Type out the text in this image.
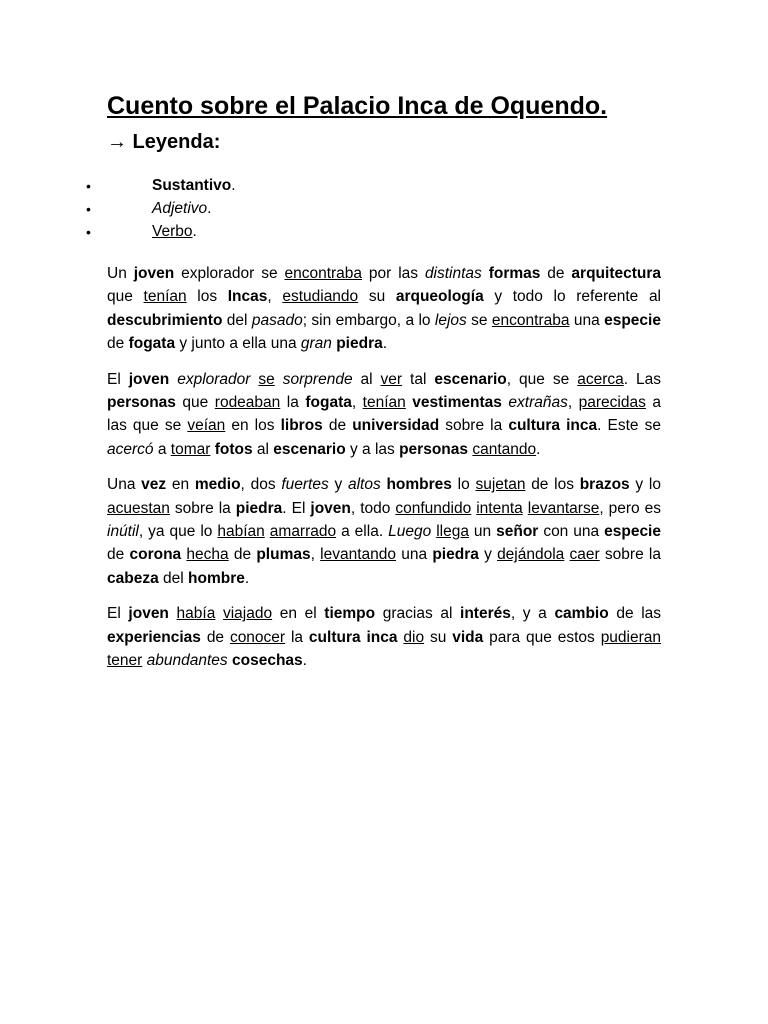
Cuento sobre el Palacio Inca de Oquendo.
→ Leyenda:
•	Sustantivo.
•	Adjetivo.
•	Verbo.

Un joven explorador se encontraba por las distintas formas de arquitectura que tenían los Incas, estudiando su arqueología y todo lo referente al descubrimiento del pasado; sin embargo, a lo lejos se encontraba una especie de fogata y junto a ella una gran piedra.

El joven explorador se sorprende al ver tal escenario, que se acerca. Las personas que rodeaban la fogata, tenían vestimentas extrañas, parecidas a las que se veían en los libros de universidad sobre la cultura inca. Este se acercó a tomar fotos al escenario y a las personas cantando.

Una vez en medio, dos fuertes y altos hombres lo sujetan de los brazos y lo acuestan sobre la piedra. El joven, todo confundido intenta levantarse, pero es inútil, ya que lo habían amarrado a ella. Luego llega un señor con una especie de corona hecha de plumas, levantando una piedra y dejándola caer sobre la cabeza del hombre.

El joven había viajado en el tiempo gracias al interés, y a cambio de las experiencias de conocer la cultura inca dio su vida para que estos pudieran tener abundantes cosechas.
